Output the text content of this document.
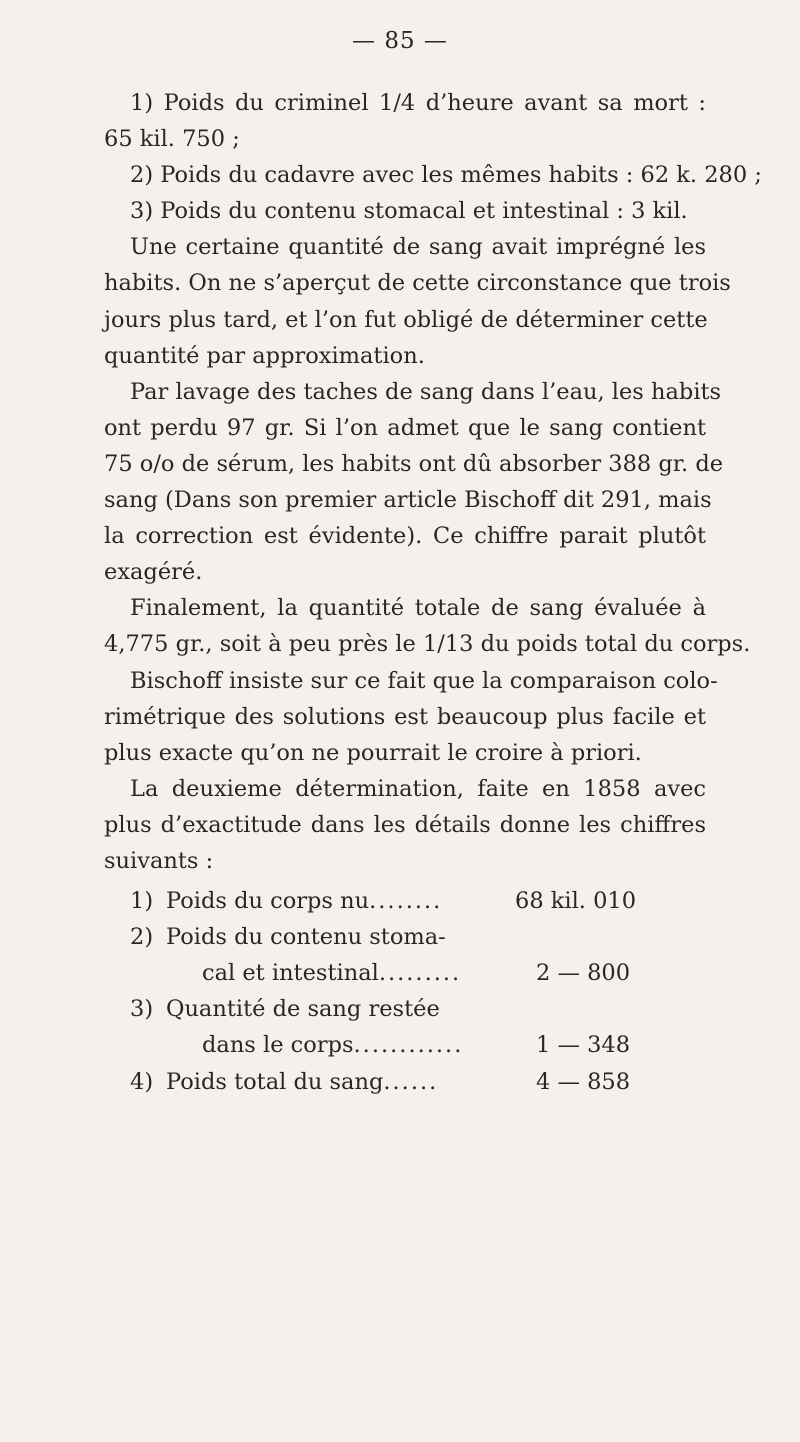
— 85 —
1) Poids du criminel 1/4 d’heure avant sa mort :
65 kil. 750 ;
2) Poids du cadavre avec les mêmes habits : 62 k. 280 ;
3) Poids du contenu stomacal et intestinal : 3 kil.
Une certaine quantité de sang avait imprégné les
habits. On ne s’aperçut de cette circonstance que trois
jours plus tard, et l’on fut obligé de déterminer cette
quantité par approximation.
Par lavage des taches de sang dans l’eau, les habits
ont perdu 97 gr. Si l’on admet que le sang contient
75 o/o de sérum, les habits ont dû absorber 388 gr. de
sang (Dans son premier article Bischoff dit 291, mais
la correction est évidente). Ce chiffre parait plutôt
exagéré.
Finalement, la quantité totale de sang évaluée à
4,775 gr., soit à peu près le 1/13 du poids total du corps.
Bischoff insiste sur ce fait que la comparaison colo-
rimétrique des solutions est beaucoup plus facile et
plus exacte qu’on ne pourrait le croire à priori.
La deuxieme détermination, faite en 1858 avec
plus d’exactitude dans les détails donne les chiffres
suivants :
1) Poids du corps nu........	68 kil. 010
2) Poids du contenu stoma-
cal et intestinal.........	2 — 800
3) Quantité de sang restée
dans le corps............	1 — 348
4) Poids total du sang......	4 — 858
